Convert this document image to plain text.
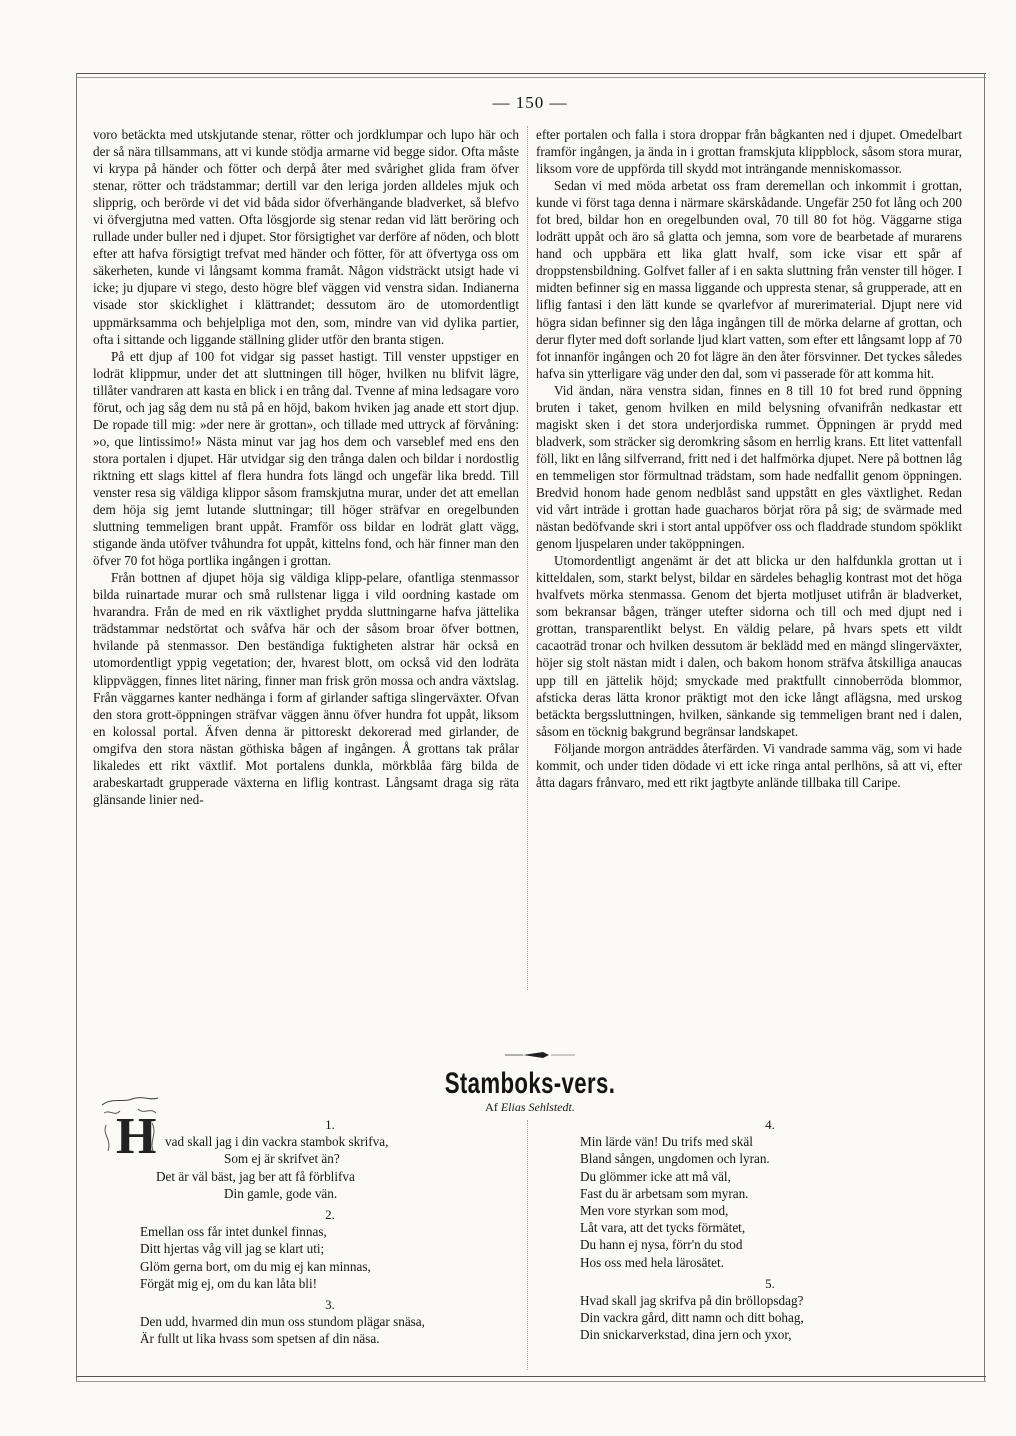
— 150 —

voro betäckta med utskjutande stenar, rötter och jordklumpar och lupo här och der så nära tillsammans, att vi kunde stödja armarne vid begge sidor. Ofta måste vi krypa på händer och fötter och derpå åter med svårighet glida fram öfver stenar, rötter och trädstammar; dertill var den leriga jorden alldeles mjuk och slipprig, och berörde vi det vid båda sidor öfverhängande bladverket, så blefvo vi öfvergjutna med vatten. Ofta lösgjorde sig stenar redan vid lätt beröring och rullade under buller ned i djupet. Stor försigtighet var derföre af nöden, och blott efter att hafva försigtigt trefvat med händer och fötter, för att öfvertyga oss om säkerheten, kunde vi långsamt komma framåt. Någon vidsträckt utsigt hade vi icke; ju djupare vi stego, desto högre blef väggen vid venstra sidan. Indianerna visade stor skicklighet i klättrandet; dessutom äro de utomordentligt uppmärksamma och behjelpliga mot den, som, mindre van vid dylika partier, ofta i sittande och liggande ställning glider utför den branta stigen.

På ett djup af 100 fot vidgar sig passet hastigt. Till venster uppstiger en lodrät klippmur, under det att sluttningen till höger, hvilken nu blifvit lägre, tillåter vandraren att kasta en blick i en trång dal. Tvenne af mina ledsagare voro förut, och jag såg dem nu stå på en höjd, bakom hviken jag anade ett stort djup. De ropade till mig: »der nere är grottan», och tillade med uttryck af förvåning: »o, que lintissimo!» Nästa minut var jag hos dem och varseblef med ens den stora portalen i djupet. Här utvidgar sig den trånga dalen och bildar i nordostlig riktning ett slags kittel af flera hundra fots längd och ungefär lika bredd. Till venster resa sig väldiga klippor såsom framskjutna murar, under det att emellan dem höja sig jemt lutande sluttningar; till höger sträfvar en oregelbunden sluttning temmeligen brant uppåt. Framför oss bildar en lodrät glatt vägg, stigande ända utöfver tvåhundra fot uppåt, kittelns fond, och här finner man den öfver 70 fot höga portlika ingången i grottan.

Från bottnen af djupet höja sig väldiga klipp-pelare, ofantliga stenmassor bilda ruinartade murar och små rullstenar ligga i vild oordning kastade om hvarandra. Från de med en rik växtlighet prydda sluttningarne hafva jättelika trädstammar nedstörtat och svåfva här och der såsom broar öfver bottnen, hvilande på stenmassor. Den beständiga fuktigheten alstrar här också en utomordentligt yppig vegetation; der, hvarest blott, om också vid den lodräta klippväggen, finnes litet näring, finner man frisk grön mossa och andra växtslag. Från väggarnes kanter nedhänga i form af girlander saftiga slingerväxter. Ofvan den stora grott-öppningen sträfvar väggen ännu öfver hundra fot uppåt, liksom en kolossal portal. Äfven denna är pittoreskt dekorerad med girlander, de omgifva den stora nästan göthiska bågen af ingången. Å grottans tak prålar likaledes ett rikt växtlif. Mot portalens dunkla, mörkblåa färg bilda de arabeskartadt grupperade växterna en liflig kontrast. Långsamt draga sig räta glänsande linier ned-

efter portalen och falla i stora droppar från bågkanten ned i djupet. Omedelbart framför ingången, ja ända in i grottan framskjuta klippblock, såsom stora murar, liksom vore de uppförda till skydd mot inträngande menniskomassor.

Sedan vi med möda arbetat oss fram deremellan och inkommit i grottan, kunde vi först taga denna i närmare skärskådande. Ungefär 250 fot lång och 200 fot bred, bildar hon en oregelbunden oval, 70 till 80 fot hög. Väggarne stiga lodrätt uppåt och äro så glatta och jemna, som vore de bearbetade af murarens hand och uppbära ett lika glatt hvalf, som icke visar ett spår af droppstensbildning. Golfvet faller af i en sakta sluttning från venster till höger. I midten befinner sig en massa liggande och uppresta stenar, så grupperade, att en liflig fantasi i den lätt kunde se qvarlefvor af murerimaterial. Djupt nere vid högra sidan befinner sig den låga ingången till de mörka delarne af grottan, och derur flyter med doft sorlande ljud klart vatten, som efter ett långsamt lopp af 70 fot innanför ingången och 20 fot lägre än den åter försvinner. Det tyckes således hafva sin ytterligare väg under den dal, som vi passerade för att komma hit.

Vid ändan, nära venstra sidan, finnes en 8 till 10 fot bred rund öppning bruten i taket, genom hvilken en mild belysning ofvanifrån nedkastar ett magiskt sken i det stora underjordiska rummet. Öppningen är prydd med bladverk, som sträcker sig deromkring såsom en herrlig krans. Ett litet vattenfall föll, likt en lång silfverrand, fritt ned i det halfmörka djupet. Nere på bottnen låg en temmeligen stor förmultnad trädstam, som hade nedfallit genom öppningen. Bredvid honom hade genom nedblåst sand uppstått en gles växtlighet. Redan vid vårt inträde i grottan hade guacharos börjat röra på sig; de svärmade med nästan bedöfvande skri i stort antal uppöfver oss och fladdrade stundom spöklikt genom ljuspelaren under taköppningen.

Utomordentligt angenämt är det att blicka ur den halfdunkla grottan ut i kitteldalen, som, starkt belyst, bildar en särdeles behaglig kontrast mot det höga hvalfvets mörka stenmassa. Genom det bjerta motljuset utifrån är bladverket, som bekransar bågen, tränger utefter sidorna och till och med djupt ned i grottan, transparentlikt belyst. En väldig pelare, på hvars spets ett vildt cacaoträd tronar och hvilken dessutom är beklädd med en mängd slingerväxter, höjer sig stolt nästan midt i dalen, och bakom honom sträfva åtskilliga anaucas upp till en jättelik höjd; smyckade med praktfullt cinnoberröda blommor, afsticka deras lätta kronor präktigt mot den icke långt aflägsna, med urskog betäckta bergssluttningen, hvilken, sänkande sig temmeligen brant ned i dalen, såsom en töcknig bakgrund begränsar landskapet.

Följande morgon anträddes återfärden. Vi vandrade samma väg, som vi hade kommit, och under tiden dödade vi ett icke ringa antal perlhöns, så att vi, efter åtta dagars frånvaro, med ett rikt jagtbyte anlände tillbaka till Caripe.

Stamboks-vers.
Af Elias Sehlstedt.
H	1.
vad skall jag i din vackra stambok skrifva,
Som ej är skrifvet än?
Det är väl bäst, jag ber att få förblifva
Din gamle, gode vän.
2.
Emellan oss får intet dunkel finnas,
Ditt hjertas våg vill jag se klart uti;
Glöm gerna bort, om du mig ej kan minnas,
Förgät mig ej, om du kan låta bli!
3.
Den udd, hvarmed din mun oss stundom plägar snäsa,
Är fullt ut lika hvass som spetsen af din näsa.
4.
Min lärde vän! Du trifs med skäl
Bland sången, ungdomen och lyran.
Du glömmer icke att må väl,
Fast du är arbetsam som myran.
Men vore styrkan som mod,
Låt vara, att det tycks förmätet,
Du hann ej nysa, förr'n du stod
Hos oss med hela lärosätet.
5.
Hvad skall jag skrifva på din bröllopsdag?
Din vackra gård, ditt namn och ditt bohag,
Din snickarverkstad, dina jern och yxor,
